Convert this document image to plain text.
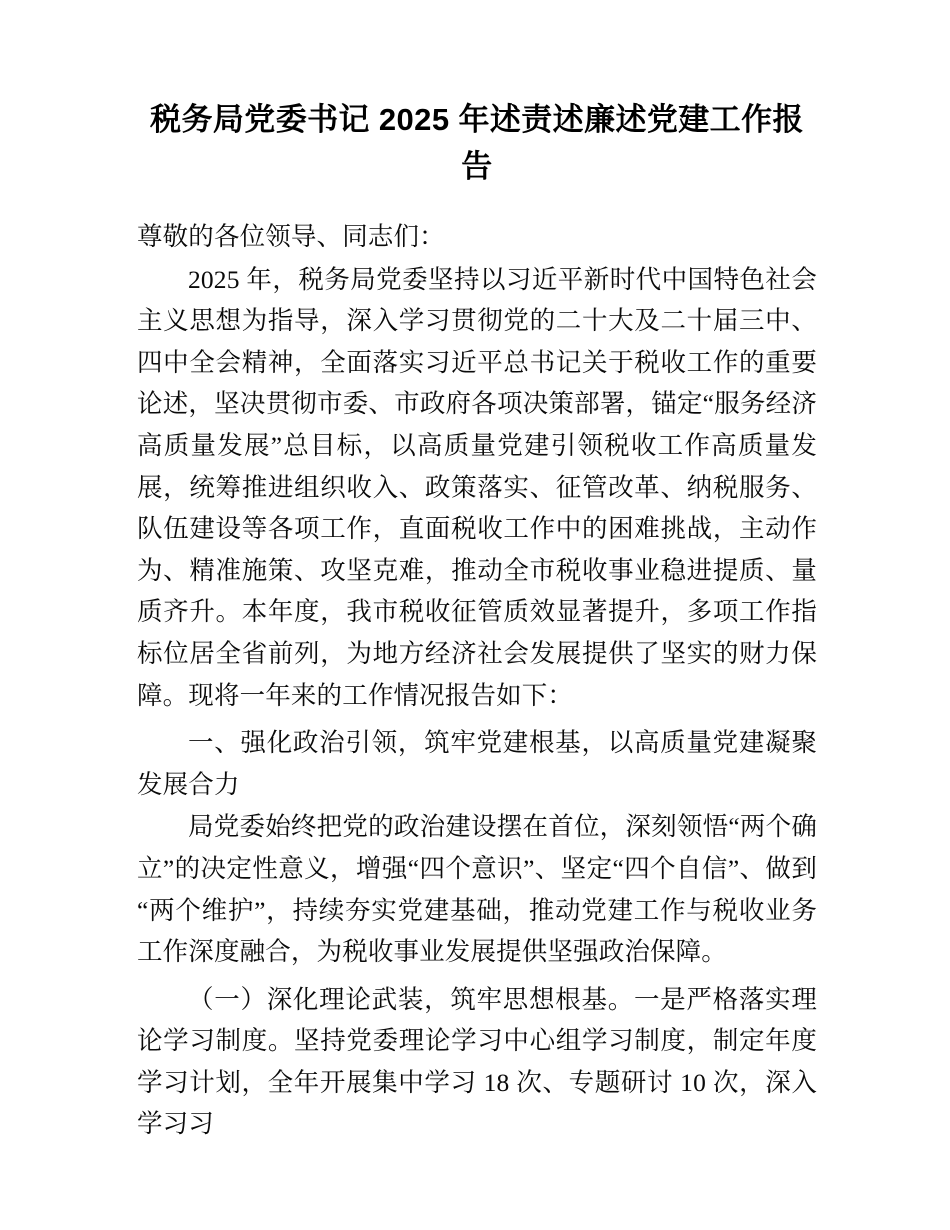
税务局党委书记 2025 年述责述廉述党建工作报告

尊敬的各位领导、同志们：

2025 年，税务局党委坚持以习近平新时代中国特色社会主义思想为指导，深入学习贯彻党的二十大及二十届三中、四中全会精神，全面落实习近平总书记关于税收工作的重要论述，坚决贯彻市委、市政府各项决策部署，锚定“服务经济高质量发展”总目标，以高质量党建引领税收工作高质量发展，统筹推进组织收入、政策落实、征管改革、纳税服务、队伍建设等各项工作，直面税收工作中的困难挑战，主动作为、精准施策、攻坚克难，推动全市税收事业稳进提质、量质齐升。本年度，我市税收征管质效显著提升，多项工作指标位居全省前列，为地方经济社会发展提供了坚实的财力保障。现将一年来的工作情况报告如下：

一、强化政治引领，筑牢党建根基，以高质量党建凝聚发展合力

局党委始终把党的政治建设摆在首位，深刻领悟“两个确立”的决定性意义，增强“四个意识”、坚定“四个自信”、做到“两个维护”，持续夯实党建基础，推动党建工作与税收业务工作深度融合，为税收事业发展提供坚强政治保障。

（一）深化理论武装，筑牢思想根基。一是严格落实理论学习制度。坚持党委理论学习中心组学习制度，制定年度学习计划，全年开展集中学习 18 次、专题研讨 10 次，深入学习习
